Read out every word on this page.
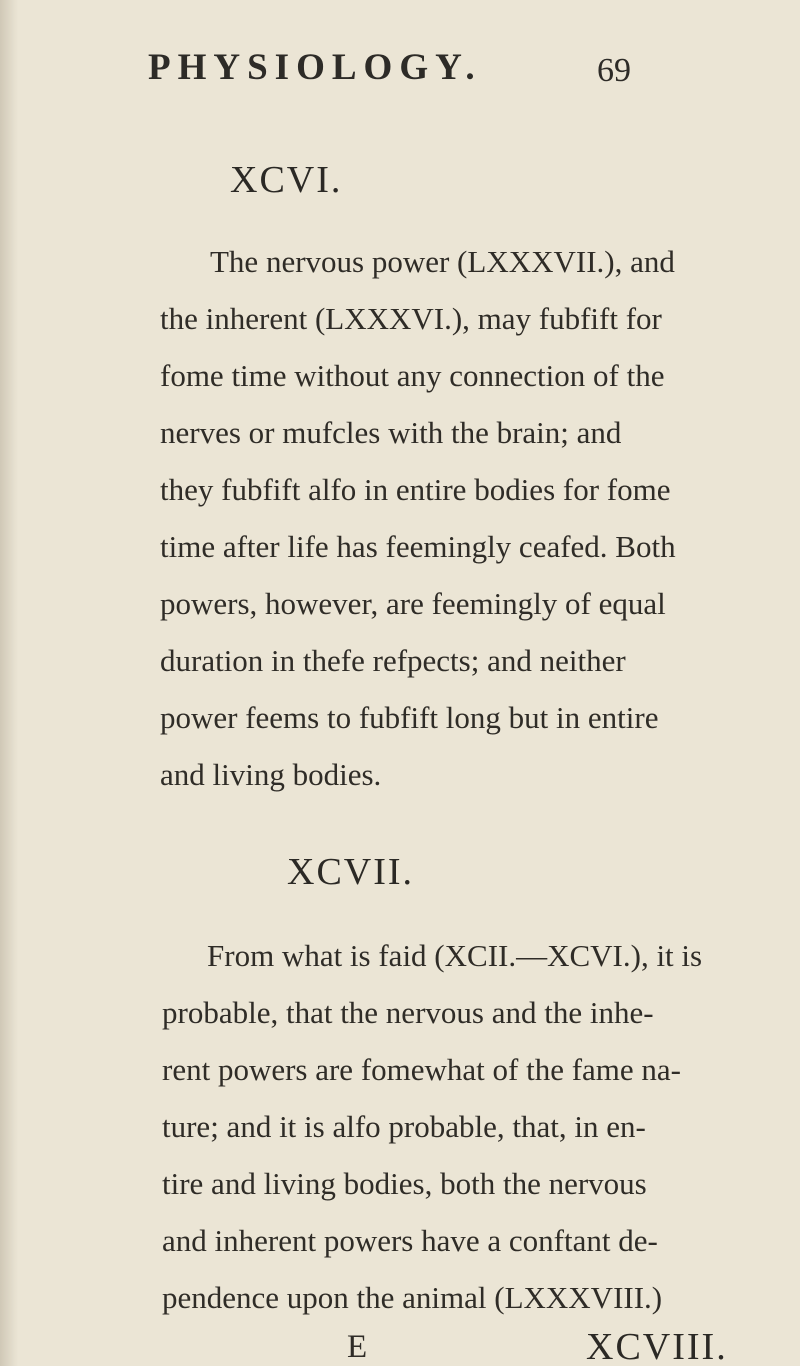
PHYSIOLOGY.	69
XCVI.
The nervous power (LXXXVII.), and
the inherent (LXXXVI.), may fubfift for
fome time without any connection of the
nerves or mufcles with the brain; and
they fubfift alfo in entire bodies for fome
time after life has feemingly ceafed. Both
powers, however, are feemingly of equal
duration in thefe refpects; and neither
power feems to fubfift long but in entire
and living bodies.
XCVII.
From what is faid (XCII.—XCVI.), it is
probable, that the nervous and the inhe-
rent powers are fomewhat of the fame na-
ture; and it is alfo probable, that, in en-
tire and living bodies, both the nervous
and inherent powers have a conftant de-
pendence upon the animal (LXXXVIII.)
E	XCVIII.
